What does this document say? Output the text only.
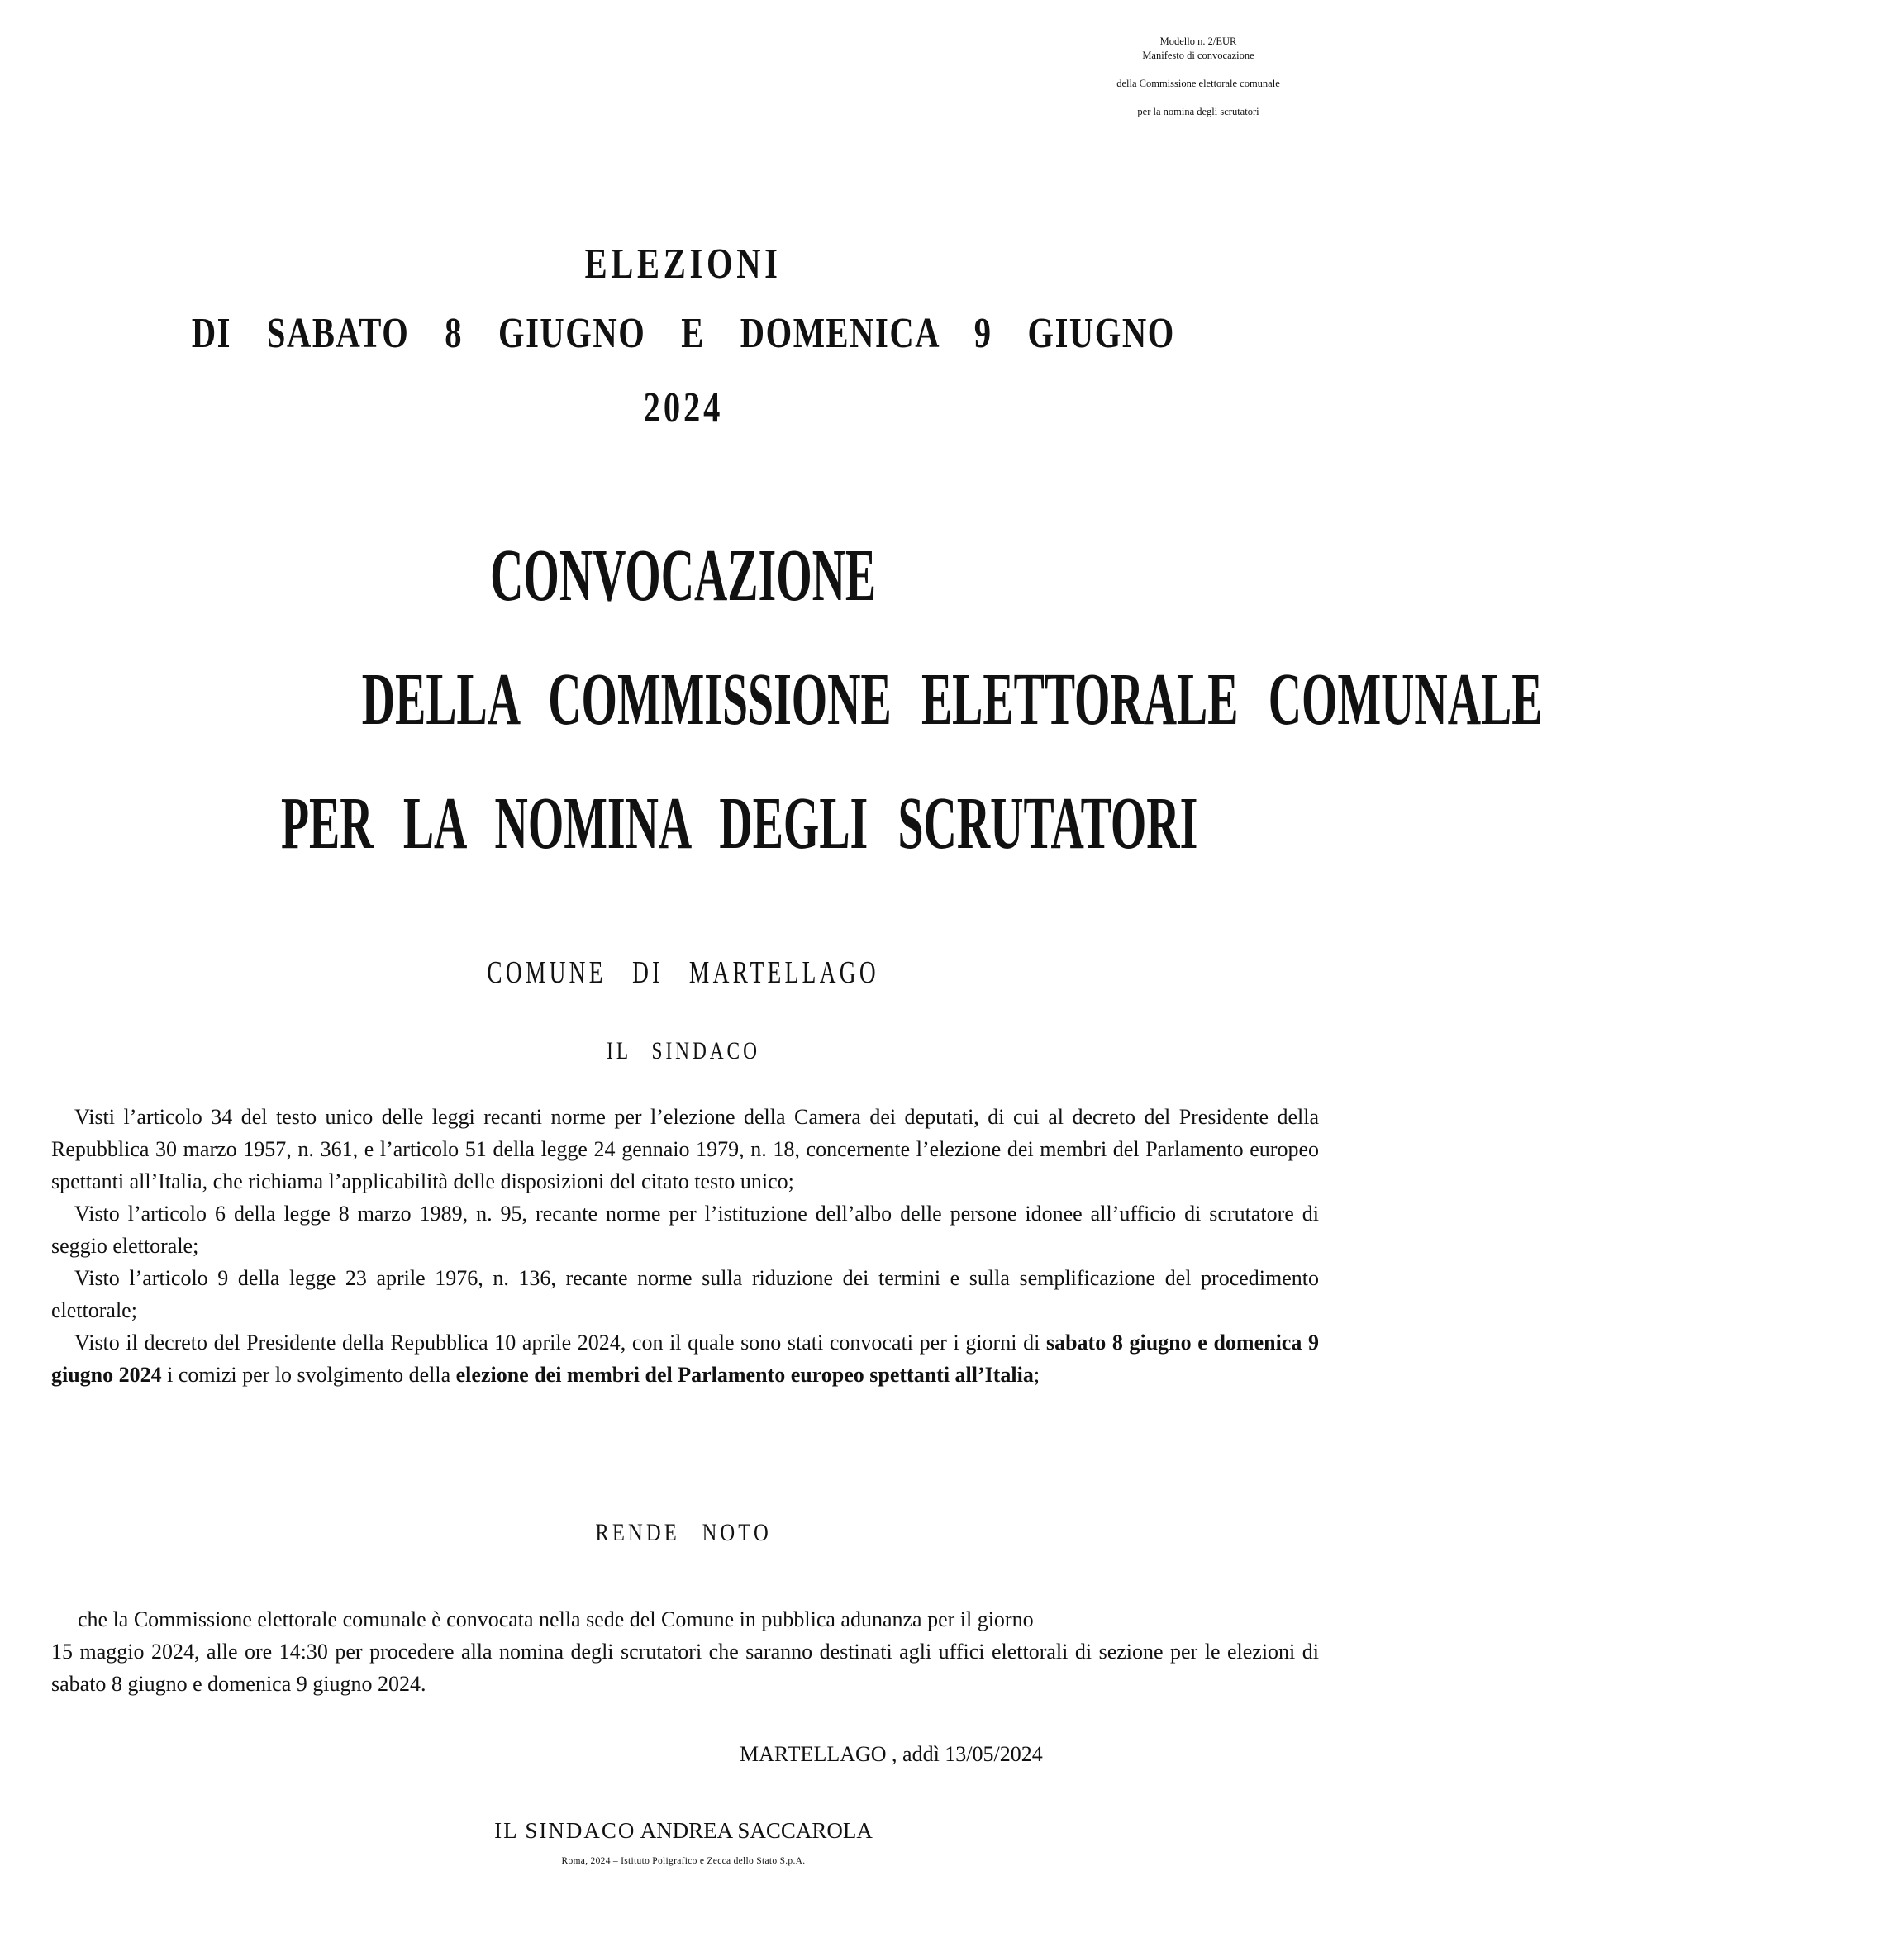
Modello n. 2/EUR
Manifesto di convocazione
della Commissione elettorale comunale
per la nomina degli scrutatori
ELEZIONI
DI SABATO 8 GIUGNO E DOMENICA 9 GIUGNO
2024
CONVOCAZIONE
DELLA COMMISSIONE ELETTORALE COMUNALE
PER LA NOMINA DEGLI SCRUTATORI
COMUNE DI MARTELLAGO
IL SINDACO

Visti l’articolo 34 del testo unico delle leggi recanti norme per l’elezione della Camera dei deputati, di cui al decreto del Presidente della Repubblica 30 marzo 1957, n. 361, e l’articolo 51 della legge 24 gennaio 1979, n. 18, concernente l’elezione dei membri del Parlamento europeo spettanti all’Italia, che richiama l’applicabilità delle disposizioni del citato testo unico;

Visto l’articolo 6 della legge 8 marzo 1989, n. 95, recante norme per l’istituzione dell’albo delle persone idonee all’ufficio di scrutatore di seggio elettorale;

Visto l’articolo 9 della legge 23 aprile 1976, n. 136, recante norme sulla riduzione dei termini e sulla semplificazione del procedimento elettorale;

Visto il decreto del Presidente della Repubblica 10 aprile 2024, con il quale sono stati convocati per i giorni di sabato 8 giugno e domenica 9 giugno 2024 i comizi per lo svolgimento della elezione dei membri del Parlamento europeo spettanti all’Italia;

RENDE NOTO

che la Commissione elettorale comunale è convocata nella sede del Comune in pubblica adunanza per il giorno

15 maggio 2024, alle ore 14:30 per procedere alla nomina degli scrutatori che saranno destinati agli uffici elettorali di sezione per le elezioni di sabato 8 giugno e domenica 9 giugno 2024.

MARTELLAGO , addì 13/05/2024
IL SINDACO ANDREA SACCAROLA
Roma, 2024 – Istituto Poligrafico e Zecca dello Stato S.p.A.
